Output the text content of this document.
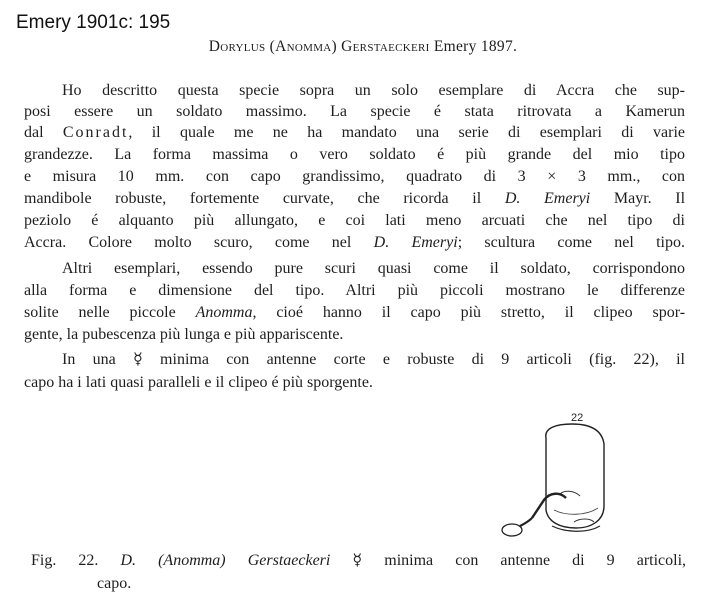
Emery 1901c: 195
Dorylus (Anomma) Gerstaeckeri Emery 1897.
Ho descritto questa specie sopra un solo esemplare di Accra che sup-
posi essere un soldato massimo. La specie é stata ritrovata a Kamerun
dal Conradt, il quale me ne ha mandato una serie di esemplari di varie
grandezze. La forma massima o vero soldato é più grande del mio tipo
e misura 10 mm. con capo grandissimo, quadrato di 3 × 3 mm., con
mandibole robuste, fortemente curvate, che ricorda il D. Emeryi Mayr. Il
peziolo é alquanto più allungato, e coi lati meno arcuati che nel tipo di
Accra. Colore molto scuro, come nel D. Emeryi; scultura come nel tipo.
Altri esemplari, essendo pure scuri quasi come il soldato, corrispondono
alla forma e dimensione del tipo. Altri più piccoli mostrano le differenze
solite nelle piccole Anomma, cioé hanno il capo più stretto, il clipeo spor-
gente, la pubescenza più lunga e più appariscente.
In una ☿ minima con antenne corte e robuste di 9 articoli (fig. 22), il
capo ha i lati quasi paralleli e il clipeo é più sporgente.
22
Fig. 22. D. (Anomma) Gerstaeckeri ☿ minima con antenne di 9 articoli,
capo.
